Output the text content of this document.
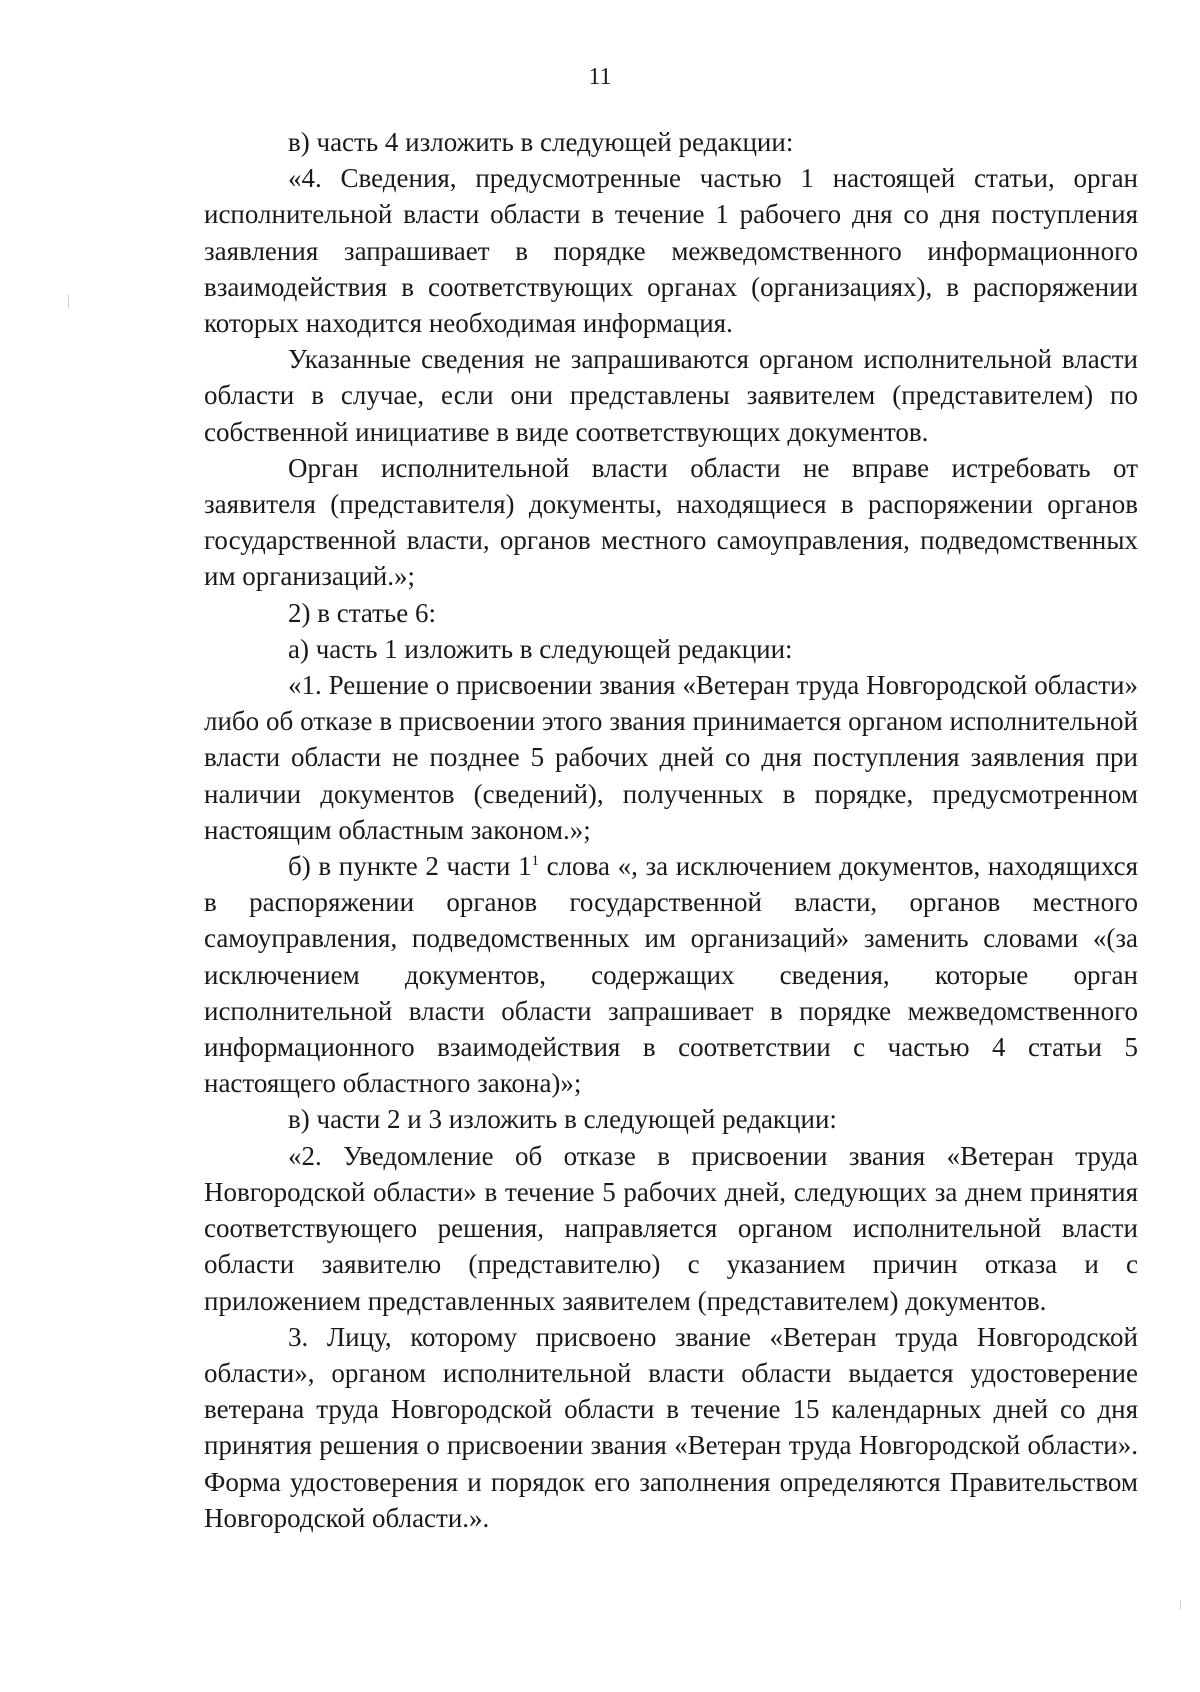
11

в) часть 4 изложить в следующей редакции:

«4. Сведения, предусмотренные частью 1 настоящей статьи, орган исполнительной власти области в течение 1 рабочего дня со дня поступления заявления запрашивает в порядке межведомственного информационного взаимодействия в соответствующих органах (организациях), в распоряжении которых находится необходимая информация.

Указанные сведения не запрашиваются органом исполнительной власти области в случае, если они представлены заявителем (представителем) по собственной инициативе в виде соответствующих документов.

Орган исполнительной власти области не вправе истребовать от заявителя (представителя) документы, находящиеся в распоряжении органов государственной власти, органов местного самоуправления, подведомственных им организаций.»;

2) в статье 6:

а) часть 1 изложить в следующей редакции:

«1. Решение о присвоении звания «Ветеран труда Новгородской области» либо об отказе в присвоении этого звания принимается органом исполнительной власти области не позднее 5 рабочих дней со дня поступления заявления при наличии документов (сведений), полученных в порядке, предусмотренном настоящим областным законом.»;

б) в пункте 2 части $1^1$ слова «, за исключением документов, находящихся в распоряжении органов государственной власти, органов местного самоуправления, подведомственных им организаций» заменить словами «(за исключением документов, содержащих сведения, которые орган исполнительной власти области запрашивает в порядке межведомственного информационного взаимодействия в соответствии с частью 4 статьи 5 настоящего областного закона)»;

в) части 2 и 3 изложить в следующей редакции:

«2. Уведомление об отказе в присвоении звания «Ветеран труда Новгородской области» в течение 5 рабочих дней, следующих за днем принятия соответствующего решения, направляется органом исполнительной власти области заявителю (представителю) с указанием причин отказа и с приложением представленных заявителем (представителем) документов.

3. Лицу, которому присвоено звание «Ветеран труда Новгородской области», органом исполнительной власти области выдается удостоверение ветерана труда Новгородской области в течение 15 календарных дней со дня принятия решения о присвоении звания «Ветеран труда Новгородской области». Форма удостоверения и порядок его заполнения определяются Правительством Новгородской области.».
